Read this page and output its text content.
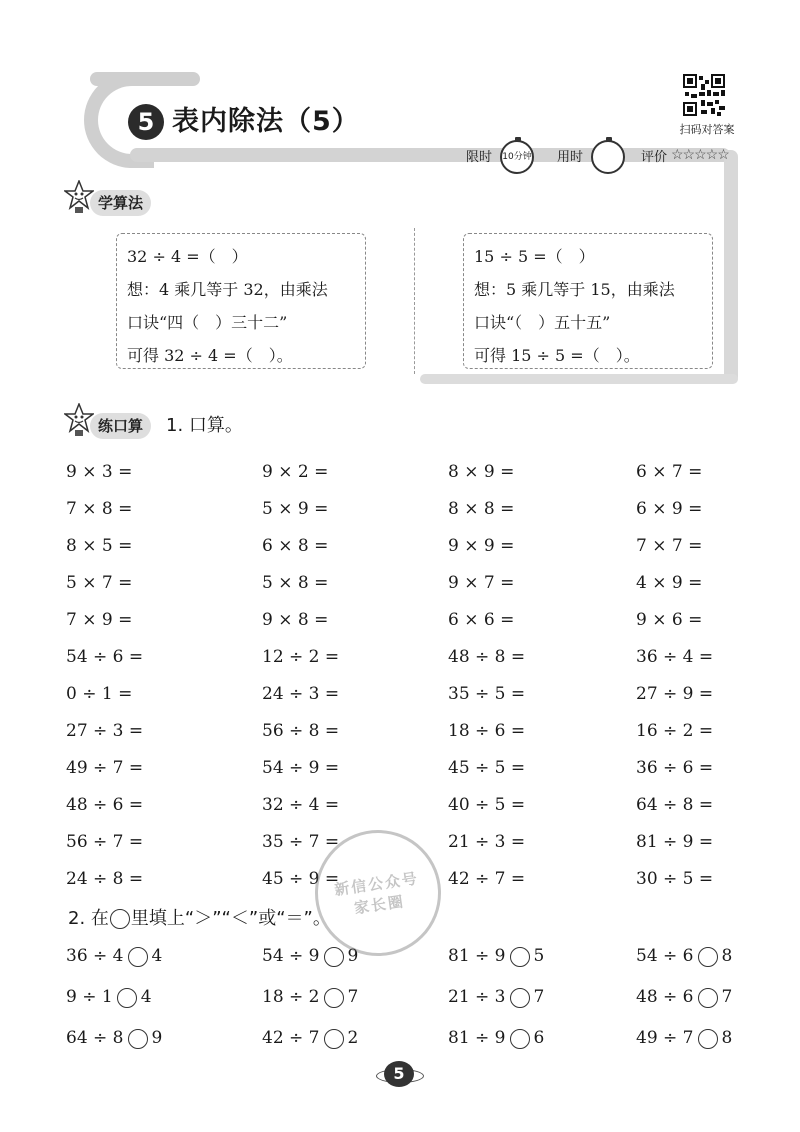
5 表内除法（5）	扫码对答案
限时 10分钟 用时	评价 ☆☆☆☆☆
学算法
32 ÷ 4 =（　）
想：4 乘几等于 32，由乘法
口诀“四（　）三十二”
可得 32 ÷ 4 =（　）。
15 ÷ 5 =（　）
想：5 乘几等于 15，由乘法
口诀“（　）五十五”
可得 15 ÷ 5 =（　）。
练口算	1. 口算。
9 × 3 =	9 × 2 =	8 × 9 =	6 × 7 =
7 × 8 =	5 × 9 =	8 × 8 =	6 × 9 =
8 × 5 =	6 × 8 =	9 × 9 =	7 × 7 =
5 × 7 =	5 × 8 =	9 × 7 =	4 × 9 =
7 × 9 =	9 × 8 =	6 × 6 =	9 × 6 =
54 ÷ 6 =	12 ÷ 2 =	48 ÷ 8 =	36 ÷ 4 =
0 ÷ 1 =	24 ÷ 3 =	35 ÷ 5 =	27 ÷ 9 =
27 ÷ 3 =	56 ÷ 8 =	18 ÷ 6 =	16 ÷ 2 =
49 ÷ 7 =	54 ÷ 9 =	45 ÷ 5 =	36 ÷ 6 =
48 ÷ 6 =	32 ÷ 4 =	40 ÷ 5 =	64 ÷ 8 =
56 ÷ 7 =	35 ÷ 7 =	21 ÷ 3 =	81 ÷ 9 =
24 ÷ 8 =	45 ÷ 9 =	42 ÷ 7 =	30 ÷ 5 =
2. 在 里填上“＞”“＜”或“＝”。
36 ÷ 4 4	54 ÷ 9 9	81 ÷ 9 5	54 ÷ 6 8
9 ÷ 1 4	18 ÷ 2 7	21 ÷ 3 7	48 ÷ 6 7
64 ÷ 8 9	42 ÷ 7 2	81 ÷ 9 6	49 ÷ 7 8
新信公众号 家长圈
5
